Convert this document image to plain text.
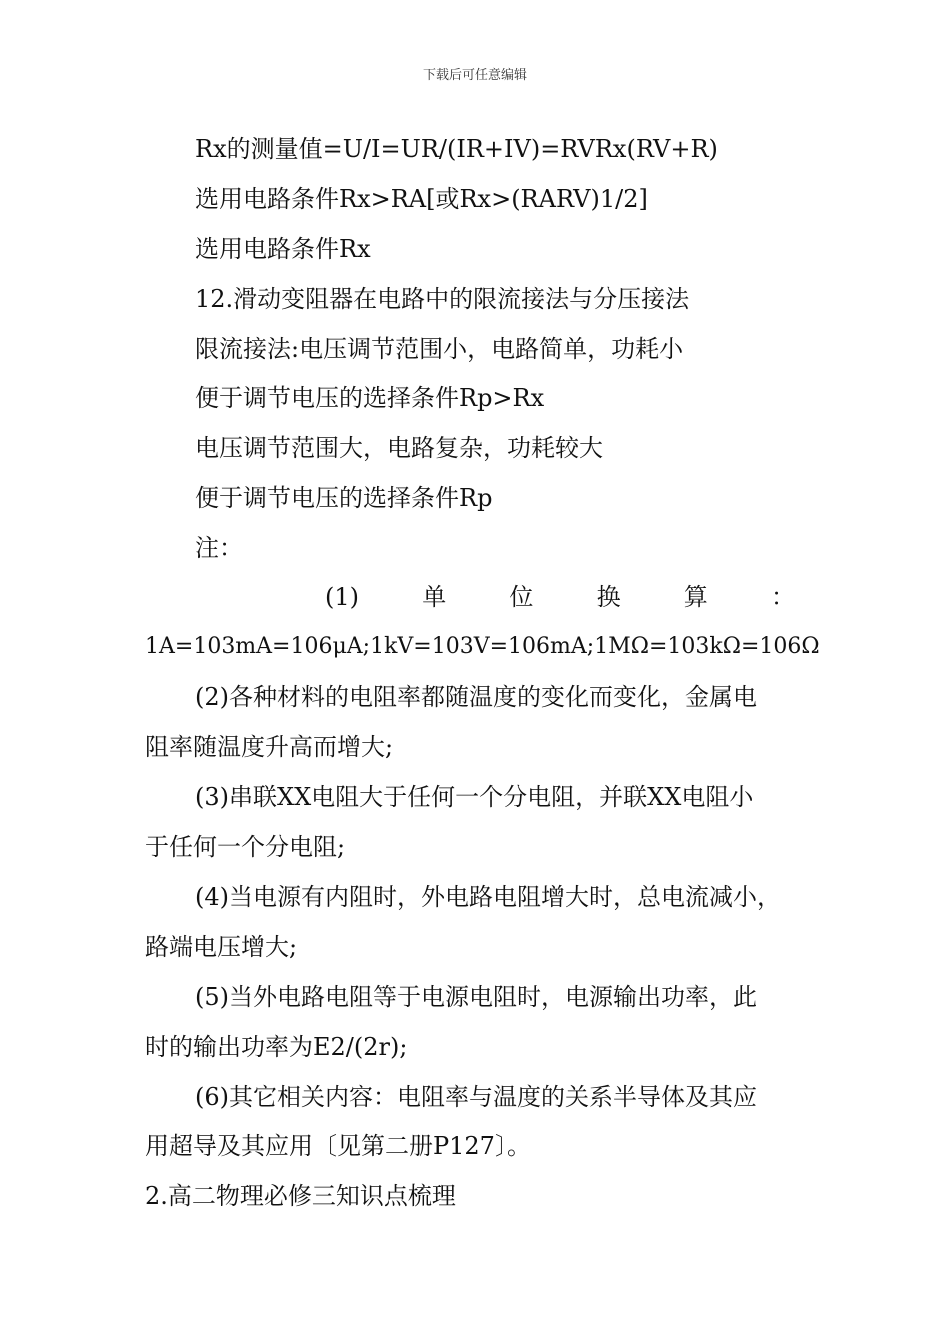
下载后可任意编辑
Rx的测量值=U/I=UR/(IR+IV)=RVRx(RV+R)
选用电路条件Rx>RA[或Rx>(RARV)1/2]
选用电路条件Rx
12.滑动变阻器在电路中的限流接法与分压接法
限流接法:电压调节范围小，电路简单，功耗小
便于调节电压的选择条件Rp>Rx
电压调节范围大，电路复杂，功耗较大
便于调节电压的选择条件Rp
注：
(1)	单	位	换	算	：
1A=103mA=106μA;1kV=103V=106mA;1MΩ=103kΩ=106Ω
(2)各种材料的电阻率都随温度的变化而变化，金属电
阻率随温度升高而增大;
(3)串联XX电阻大于任何一个分电阻，并联XX电阻小
于任何一个分电阻;
(4)当电源有内阻时，外电路电阻增大时，总电流减小，
路端电压增大;
(5)当外电路电阻等于电源电阻时，电源输出功率，此
时的输出功率为E2/(2r);
(6)其它相关内容：电阻率与温度的关系半导体及其应
用超导及其应用〔见第二册P127〕。
2.高二物理必修三知识点梳理
